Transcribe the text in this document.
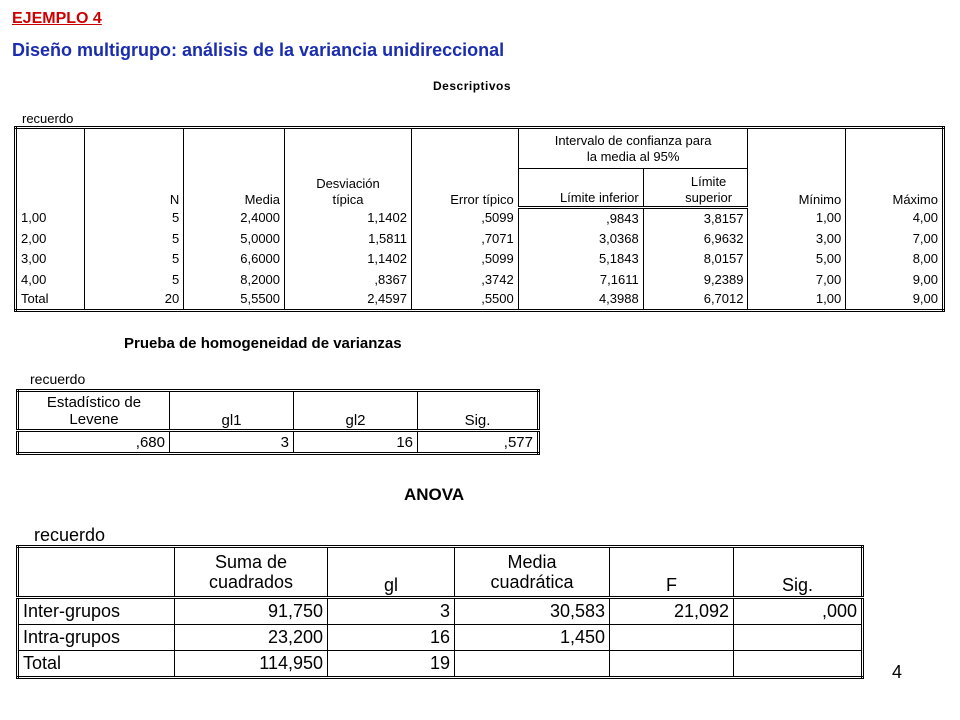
EJEMPLO 4
Diseño multigrupo: análisis de la variancia unidireccional
Descriptivos
recuerdo
	N	Media	Desviación típica	Error típico	Intervalo de confianza para la media al 95%		Mínimo	Máximo
					Límite inferior	Límite superior		
1,00	5	2,4000	1,1402	,5099	,9843	3,8157	1,00	4,00
2,00	5	5,0000	1,5811	,7071	3,0368	6,9632	3,00	7,00
3,00	5	6,6000	1,1402	,5099	5,1843	8,0157	5,00	8,00
4,00	5	8,2000	,8367	,3742	7,1611	9,2389	7,00	9,00
Total	20	5,5500	2,4597	,5500	4,3988	6,7012	1,00	9,00
Prueba de homogeneidad de varianzas
recuerdo
Estadístico de Levene	gl1	gl2	Sig.
,680	3	16	,577
ANOVA
recuerdo
	Suma de cuadrados	gl	Media cuadrática	F	Sig.
Inter-grupos	91,750	3	30,583	21,092	,000
Intra-grupos	23,200	16	1,450		
Total	114,950	19				4
